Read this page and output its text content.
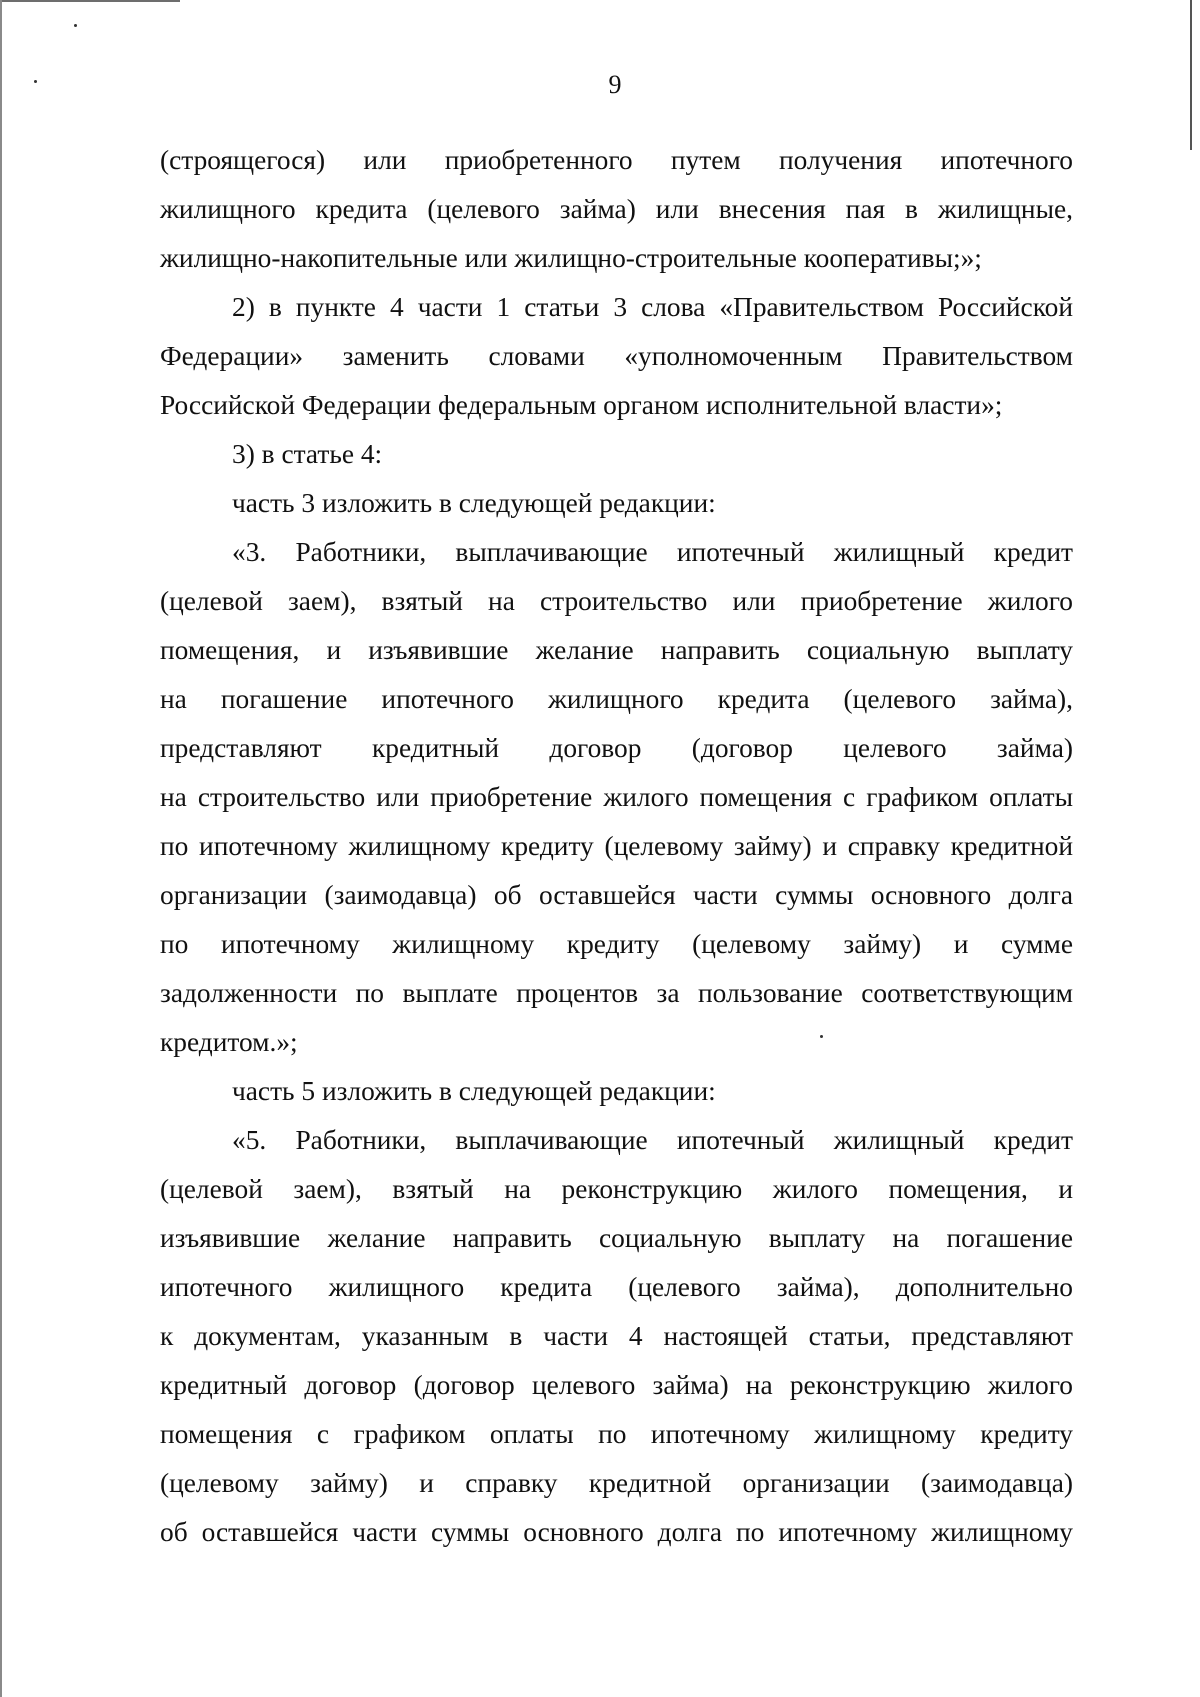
9
(строящегося) или приобретенного путем получения ипотечного
жилищного кредита (целевого займа) или внесения пая в жилищные,
жилищно-накопительные или жилищно-строительные кооперативы;»;
2) в пункте 4 части 1 статьи 3 слова «Правительством Российской
Федерации» заменить словами «уполномоченным Правительством
Российской Федерации федеральным органом исполнительной власти»;
3) в статье 4:
часть 3 изложить в следующей редакции:
«3. Работники, выплачивающие ипотечный жилищный кредит
(целевой заем), взятый на строительство или приобретение жилого
помещения, и изъявившие желание направить социальную выплату
на погашение ипотечного жилищного кредита (целевого займа),
представляют кредитный договор (договор целевого займа)
на строительство или приобретение жилого помещения с графиком оплаты
по ипотечному жилищному кредиту (целевому займу) и справку кредитной
организации (заимодавца) об оставшейся части суммы основного долга
по ипотечному жилищному кредиту (целевому займу) и сумме
задолженности по выплате процентов за пользование соответствующим
кредитом.»;
часть 5 изложить в следующей редакции:
«5. Работники, выплачивающие ипотечный жилищный кредит
(целевой заем), взятый на реконструкцию жилого помещения, и
изъявившие желание направить социальную выплату на погашение
ипотечного жилищного кредита (целевого займа), дополнительно
к документам, указанным в части 4 настоящей статьи, представляют
кредитный договор (договор целевого займа) на реконструкцию жилого
помещения с графиком оплаты по ипотечному жилищному кредиту
(целевому займу) и справку кредитной организации (заимодавца)
об оставшейся части суммы основного долга по ипотечному жилищному
